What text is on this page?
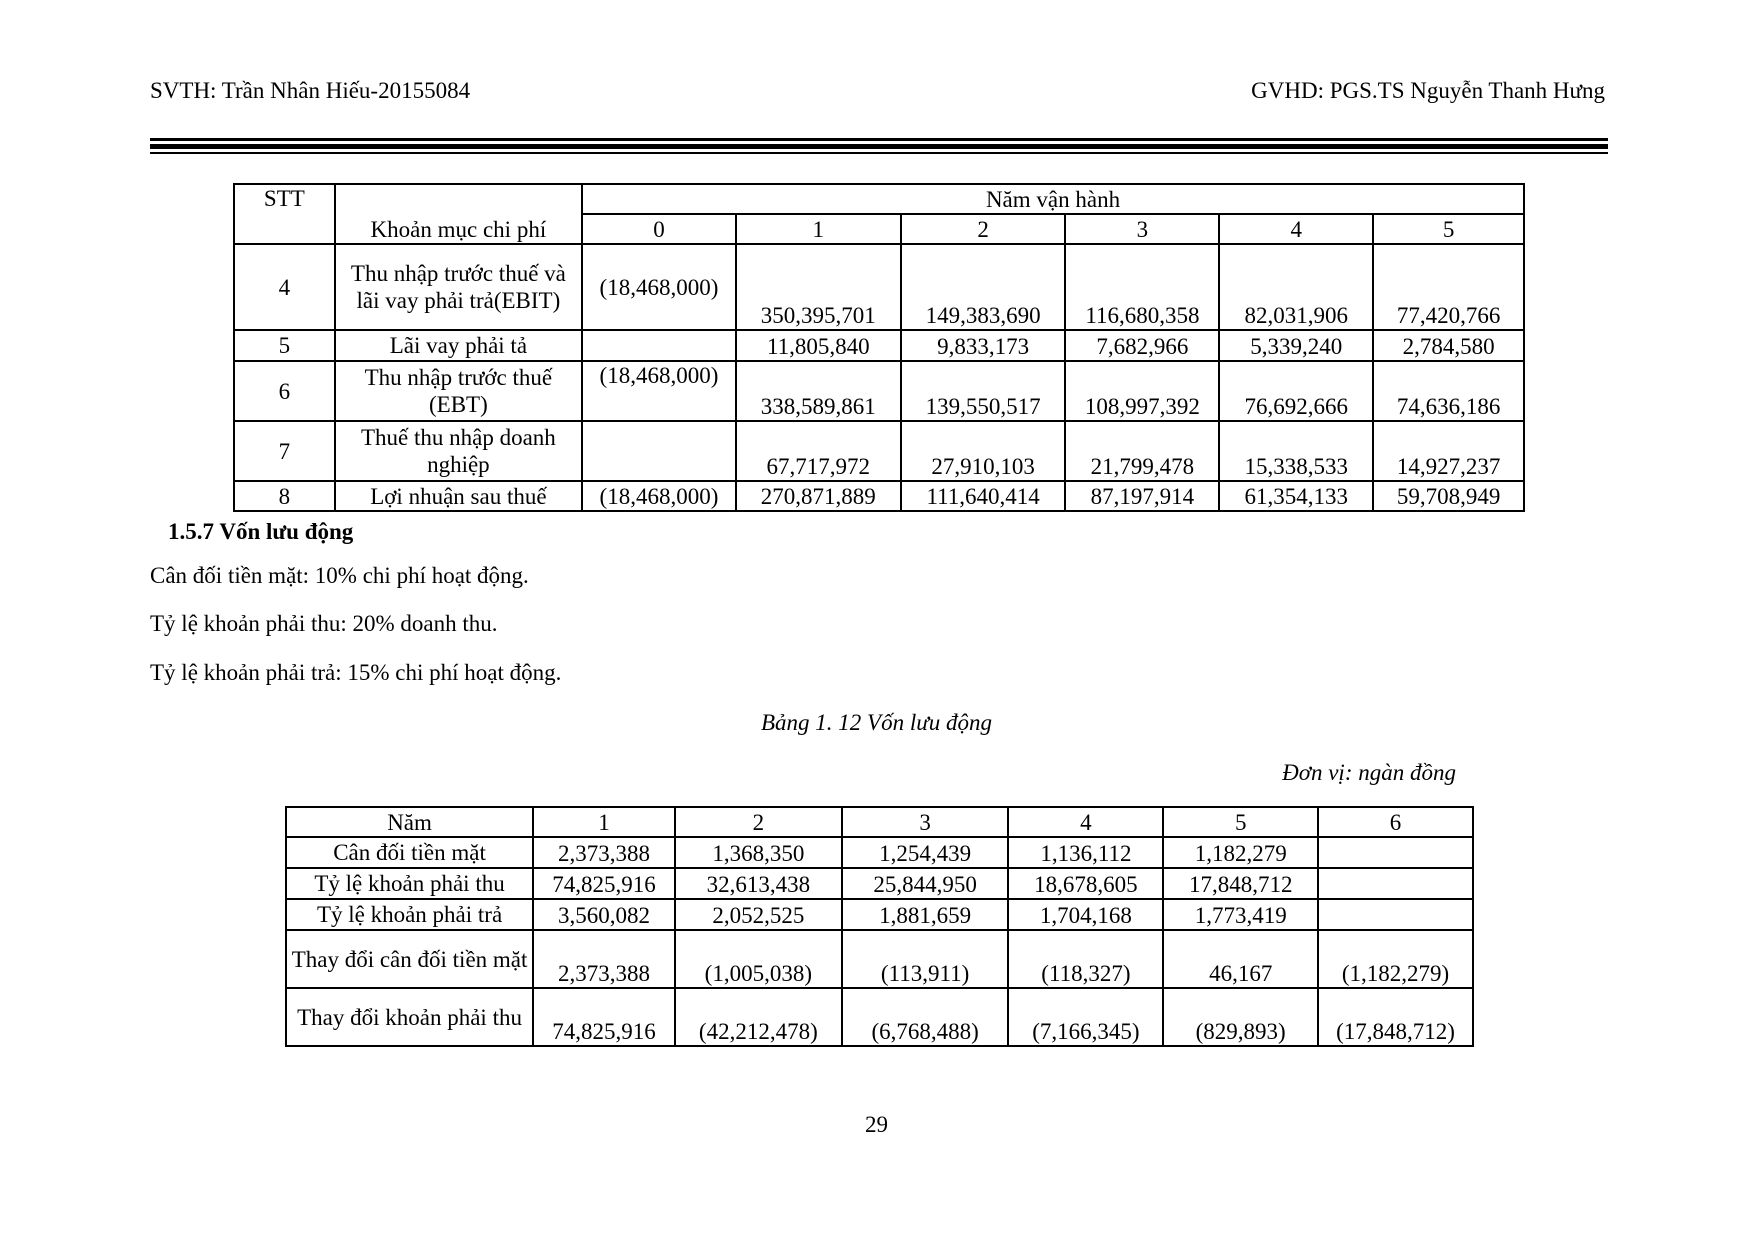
SVTH: Trần Nhân Hiếu-20155084	GVHD: PGS.TS Nguyễn Thanh Hưng
STT	Khoản mục chi phí	Năm vận hành					
		0	1	2	3	4	5
4	Thu nhập trước thuế và lãi vay phải trả(EBIT)	(18,468,000)	350,395,701	149,383,690	116,680,358	82,031,906	77,420,766
5	Lãi vay phải tả		11,805,840	9,833,173	7,682,966	5,339,240	2,784,580
6	Thu nhập trước thuế (EBT)	(18,468,000)	338,589,861	139,550,517	108,997,392	76,692,666	74,636,186
7	Thuế thu nhập doanh nghiệp		67,717,972	27,910,103	21,799,478	15,338,533	14,927,237
8	Lợi nhuận sau thuế	(18,468,000)	270,871,889	111,640,414	87,197,914	61,354,133	59,708,949
1.5.7 Vốn lưu động
Cân đối tiền mặt: 10% chi phí hoạt động.
Tỷ lệ khoản phải thu: 20% doanh thu.
Tỷ lệ khoản phải trả: 15% chi phí hoạt động.
Bảng 1. 12 Vốn lưu động
Đơn vị: ngàn đồng
Năm	1	2	3	4	5	6
Cân đối tiền mặt	2,373,388	1,368,350	1,254,439	1,136,112	1,182,279	
Tỷ lệ khoản phải thu	74,825,916	32,613,438	25,844,950	18,678,605	17,848,712	
Tỷ lệ khoản phải trả	3,560,082	2,052,525	1,881,659	1,704,168	1,773,419	
Thay đổi cân đối tiền mặt	2,373,388	(1,005,038)	(113,911)	(118,327)	46,167	(1,182,279)
Thay đổi khoản phải thu	74,825,916	(42,212,478)	(6,768,488)	(7,166,345)	(829,893)	(17,848,712)
29
